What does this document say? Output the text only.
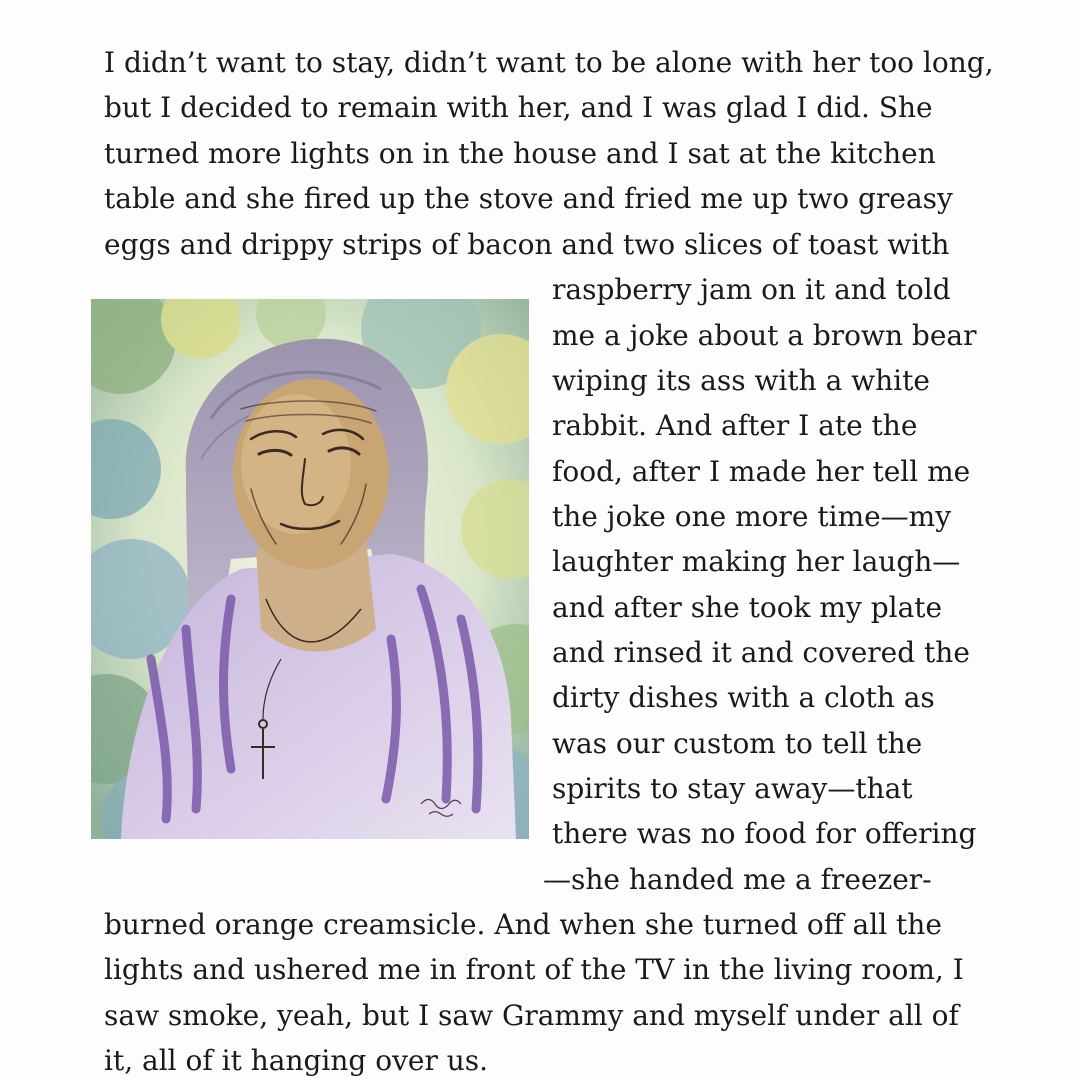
I didn’t want to stay, didn’t want to be alone with her too long,
but I decided to remain with her, and I was glad I did. She
turned more lights on in the house and I sat at the kitchen
table and she fired up the stove and fried me up two greasy
eggs and drippy strips of bacon and two slices of toast with
raspberry jam on it and told
me a joke about a brown bear
wiping its ass with a white
rabbit. And after I ate the
food, after I made her tell me
the joke one more time—my
laughter making her laugh—
and after she took my plate
and rinsed it and covered the
dirty dishes with a cloth as
was our custom to tell the
spirits to stay away—that
there was no food for offering
—she handed me a freezer-
burned orange creamsicle. And when she turned off all the
lights and ushered me in front of the TV in the living room, I
saw smoke, yeah, but I saw Grammy and myself under all of
it, all of it hanging over us.
